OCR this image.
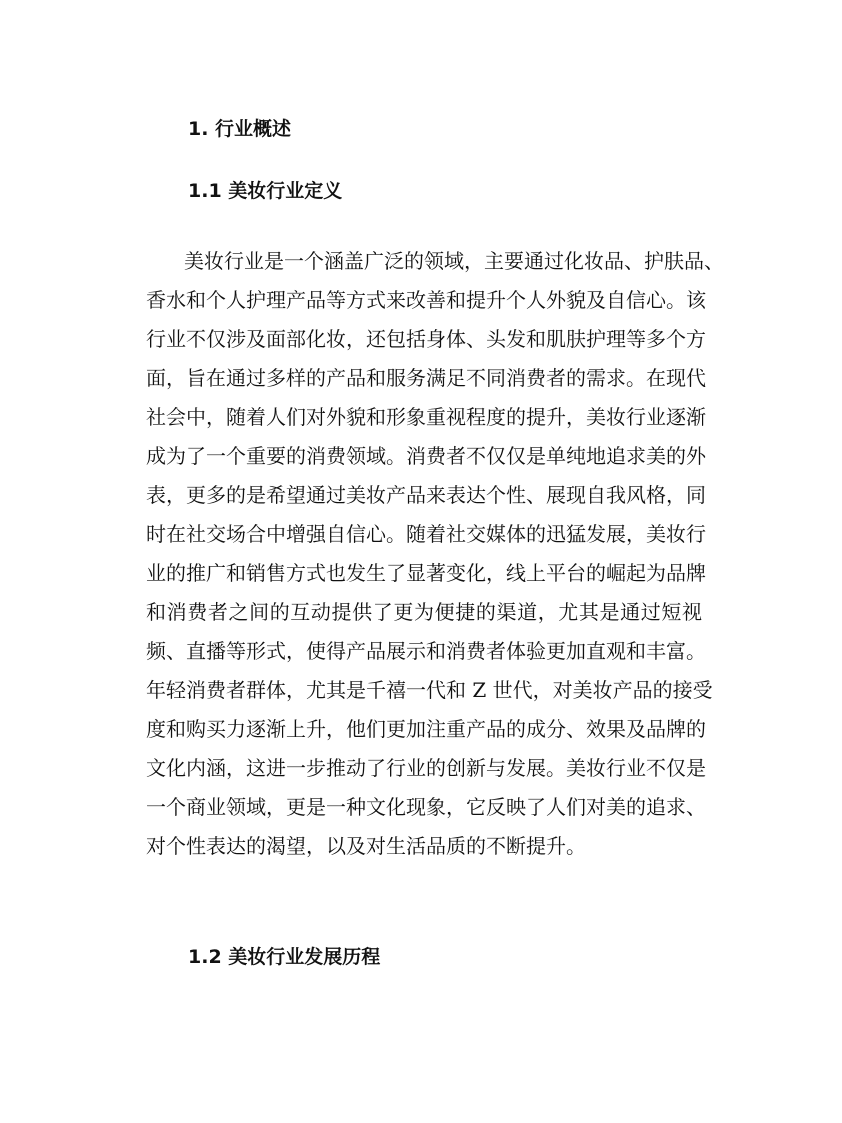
1. 行业概述
1.1 美妆行业定义
美妆行业是一个涵盖广泛的领域，主要通过化妆品、护肤品、
香水和个人护理产品等方式来改善和提升个人外貌及自信心。该
行业不仅涉及面部化妆，还包括身体、头发和肌肤护理等多个方
面，旨在通过多样的产品和服务满足不同消费者的需求。在现代
社会中，随着人们对外貌和形象重视程度的提升，美妆行业逐渐
成为了一个重要的消费领域。消费者不仅仅是单纯地追求美的外
表，更多的是希望通过美妆产品来表达个性、展现自我风格，同
时在社交场合中增强自信心。随着社交媒体的迅猛发展，美妆行
业的推广和销售方式也发生了显著变化，线上平台的崛起为品牌
和消费者之间的互动提供了更为便捷的渠道，尤其是通过短视
频、直播等形式，使得产品展示和消费者体验更加直观和丰富。
年轻消费者群体，尤其是千禧一代和 Z 世代，对美妆产品的接受
度和购买力逐渐上升，他们更加注重产品的成分、效果及品牌的
文化内涵，这进一步推动了行业的创新与发展。美妆行业不仅是
一个商业领域，更是一种文化现象，它反映了人们对美的追求、
对个性表达的渴望，以及对生活品质的不断提升。
1.2 美妆行业发展历程
